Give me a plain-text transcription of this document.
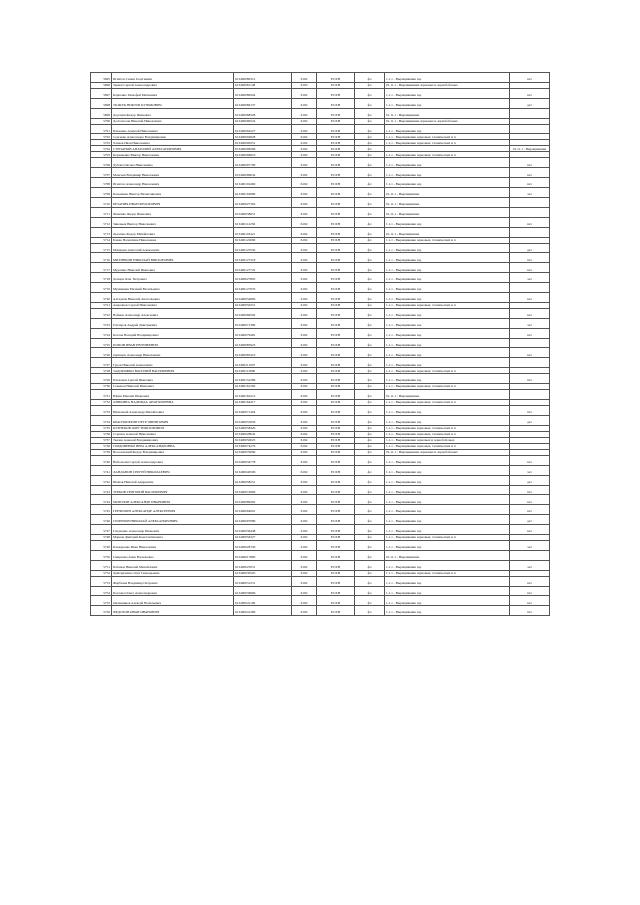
5695	Игнатов Семен Георгиевич	613400080312	6192	ЕСХН	фл	1.1.1 - Выращивание зер	пет	
5696	Зарков Сергей Александрович	613400081148	6193	ЕСХН	фл	01.11.1 - Выращивание зерновых и зернобобовых		
5697	Карпенко Тимофей Матвеевич	613400086504	6192	ЕСХН	фл	1.1.1 - Выращивание зер	пет	
5698	ТКАЧУК ВИКТОР КУЗЬМОВИЧ	613400086137	6192	ЕСХН	фл	1.1.1 - Выращивание зер	дет	
5699	Дорохин Федор Иванович	613400088328	6192	ЕСХН	фл	01.11.1 - Выращивание		
5700	Долгополов Николай Николаевич	613400090524	6192	ЕСХН	фл	01.11.1 - Выращивание зерновых и зернобобовых		
5701	Ильченко Алексей Николаевич	613400092227	6192	ЕСХН	фл	1.1.1 - Выращивание зер		
5702	Сергеева Александра Владимировна	613400092828	6192	ЕСХН	фл	1.1.1 - Выращивание зерновых, технических и п		
5703	Ханаев Иван Николаевич	613400096351	6192	ЕСХН	фл	1.1.1 - Выращивание зерновых, технических и п		
5704	СТЕПАНОВ АНАТОЛИЙ АЛЕКСАНДРОВИЧ	613400096566	6192	ЕСХН	фл		01.11.1 - Выращивание	
5705	Корчевенко Виктор Николаевич	613400096610	6192	ЕСХН	фл	1.1.1 - Выращивание зерновых, технических и п		
5706	Дубова Оксана Николаевна	613400097709	6192	ЕСХН	фл	1.1.1 - Выращивание зер	пет	
5707	Моисеев Владимир Николаевич	613400099634	6192	ЕСХН	фл	1.1.1 - Выращивание зер	пет	
5708	Игнатов Александр Николаевич	613400102460	6192	ЕСХН	фл	1.1.1 - Выращивание зер	пет	
5709	Казьменко Виктор Валентинович	613400104980	6192	ЕСХН	фл	01.11.1 - Выращивание	чет	
5710	БЕЗАНИЧ ИВАН ФЕДОРОВИЧ	613400027363	6192	ЕСХН	фл	01.11.1 - Выращивание		
5711	Фоменко Федор Иванович	613400038651	6192	ЕСХН	фл	01.11.1 - Выращивание		
5712	Зиновьев Виктор Николаевич	613400112250	6192	ЕСХН	фл	1.1.1 - Выращивание зер	пет	
5713	Лысенко Федор Михайлович	613400118421	6192	ЕСХН	фл	01.11.1 - Выращивание		
5714	Божко Валентина Николаевна	613400122060	6192	ЕСХН	фл	1.1.1 - Выращивание зерновых, технических и п		
5715	Мамукин Анатолий Алексеевич	613400125550	6192	ЕСХН	фл	1.1.1 - Выращивание зер	дет	
5716	МИТИНКОВ НИКОЛАЙ ВИКТОРОВИЧ	613400127318	6192	ЕСХН	фл	1.1.1 - Выращивание зер	пет	
5717	Мурашко Николай Иванович	613400127722	6192	ЕСХН	фл	1.1.1 - Выращивание зер	пет	
5718	Донцов Олег Петрович	613400027805	6192	ЕСХН	фл	1.1.1 - Выращивание зер	чет	
5719	Мунницын Евгений Васильевич	613400127970	6192	ЕСХН	фл	1.1.1 - Выращивание зер		
5720	Алтаднов Николай Анатольевич	613400054800	6192	ЕСХН	фл	1.1.1 - Выращивание зер	пет	
5721	Амдалнов Сергей Николаевич	613400056351	6192	ЕСХН	фл	1.1.1 - Выращивание зерновых, технических и п		
5722	Войнов Александр Алексеевич	613400069592	6192	ЕСХН	фл	1.1.1 - Выращивание зер	пет	
5723	Гончаров Андрей Дмитриевич	613400071380	6192	ЕСХН	фл	1.1.1 - Выращивание зер	чет	
5724	Козлов Валерий Владимирович	613400079481	6192	ЕСХН	фл	1.1.1 - Выращивание зер	пет	
5725	ПОПОВ ИВАН ЕВГЕНЬЕВИЧ	613400085923	6192	ЕСХН	фл	1.1.1 - Выращивание зер		
5726	Одинцов Александр Николаевич	613400085410	6192	ЕСХН	фл	1.1.1 - Выращивание зер	пет	
5727	Гуров Николай Алексеевич	613400211007	6192	ЕСХН	фл	1.1.1 - Выращивание зер		
5728	ЗАДОРОЖКО ВАСИЛИЙ ВАСИЛЬЕВИЧ	613400112800	6192	ЕСХН	фл	1.1.1 - Выращивание зерновых, технических и п		
5729	Плеханов Сергей Иванович	613400152289	6192	ЕСХН	фл	1.1.1 - Выращивание зер	пет	
5730	Семенов Николай Иванович	613400161260	6192	ЕСХН	фл	1.1.1 - Выращивание зерновых, технических и п		
5731	Юрин Максим Иванович	613400162212	6192	ЕСХН	фл	01.11.1 - Выращивание		
5732	АНИКИНА НАДЕЖДА АНАТОЛЬЕВНА	613400164417	6192	ЕСХН	фл	1.1.1 - Выращивание зерновых, технических и п		
5733	Шпилевой Александр Михайлович	613400071404	6192	ЕСХН	фл	1.1.1 - Выращивание зер	пет	
5734	КРАСНОПЕРОВ ПЕТР ЧИНИГОВИЧ	613400055956	6192	ЕСХН	фл	1.1.1 - Выращивание зер	дет	
5735	КУЗНЕЦОВ ОЛЕГ ВИКТОРОВИЧ	613400058420	6192	ЕСХН	фл	1.1.1 - Выращивание зерновых, технических и п		
5736	Страхов Алексей Николаевич	613400028042	6192	ЕСХН	фл	1.1.1 - Выращивание зерновых, технических и п		
5737	Ткачев Алексей Владимирович	613400050025	6192	ЕСХН	фл	1.1.1 - Выращивание зерновых и зернобобовых		
5738	ГОРДОВЕНКО ВЕРА АЛЕКСАНДРОВНА	613400074279	6192	ЕСХН	фл	1.1.1 - Выращивание зерновых, технических и п		
5739	Веселовский Федор Владимирович	613400079069	6192	ЕСХН	фл	01.11.1 - Выращивание зерновых и зернобобовых		
5740	Небольсин Сергей Александрович	613400634778	6192	ЕСХН	фл	1.1.1 - Выращивание зер	пет	
5741	ЛАНДАНОВ СЕРГЕЙ НИКОЛАЕВИЧ	613400040506	6192	ЕСХН	фл	1.1.1 - Выращивание зер	чет	
5742	Шамов Николай Андреевич	613400058251	6192	ЕСХН	фл	1.1.1 - Выращивание зер	дет	
5743	ЗУБКОВ ГРИГОРИЙ ВАСИЛЬЕВИЧ	613400074960	6192	ЕСХН	фл	1.1.1 - Выращивание зер	пет	
5744	МОРОЗОВ АЛЕКСАНДР ИВАНОВИЧ	613400089262	6192	ЕСХН	фл	1.1.1 - Выращивание зер	пет	
5745	ГРЕЧИХИН АЛЕКСАНДР АЛЕКСЕЕВИЧ	613400094091	6192	ЕСХН	фл	1.1.1 - Выращивание зер	пет	
5746	СЕМЕНОВ НИКОЛАЙ АЛЕКСАНДРОВИЧ	613400097089	6192	ЕСХН	фл	1.1.1 - Выращивание зер	дет	
5747	Гладченко Александр Иванович	613400036448	6192	ЕСХН	фл	1.1.1 - Выращивание зер	пет	
5748	Марков Дмитрий Константинович	613400056327	6192	ЕСХН	фл	1.1.1 - Выращивание зерновых, технических и п		
5749	Бондаренко Иван Николаевич	613400028130	6192	ЕСХН	фл	1.1.1 - Выращивание зер	чет	
5750	Смирнова Анна Васильевна	613400017860	6192	ЕСХН	фл	01.11.1 - Выращивание		
5751	Бобанов Николай Михайлович	613400025051	6192	ЕСХН	фл	1.1.1 - Выращивание зер	чет	
5752	Дмитриченко Олег Геннадьевич	613400030505	6192	ЕСХН	фл	1.1.1 - Выращивание зерновых, технических и п		
5753	Жарбачев Владимир Петрович	613400031231	6192	ЕСХН	фл	1.1.1 - Выращивание зер	пет	
5754	Козлова Ольга Александровна	613400036666	6192	ЕСХН	фл	1.1.1 - Выращивание зер	пет	
5755	Овсянников Алексей Васильевич	613400041109	6192	ЕСХН	фл	1.1.1 - Выращивание зер	пет	
5756	ФЕДОТОВ ИВАН ИВАНОВИЧ	613400041280	6192	ЕСХН	фл	1.1.1 - Выращивание зер	пет	
